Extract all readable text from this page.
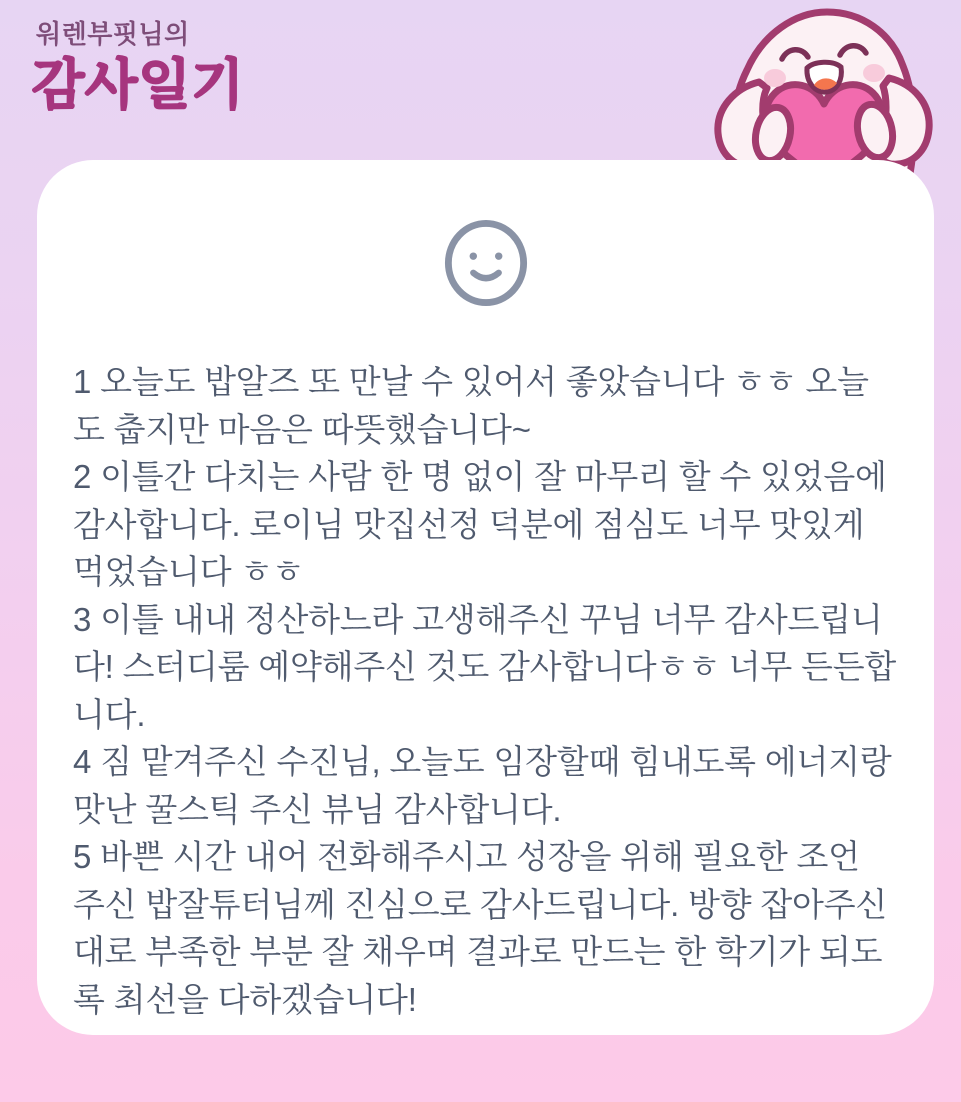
워렌부핏님의
감사일기
1 오늘도 밥알즈 또 만날 수 있어서 좋았습니다 ㅎㅎ 오늘도 춥지만 마음은 따뜻했습니다~
2 이틀간 다치는 사람 한 명 없이 잘 마무리 할 수 있었음에 감사합니다. 로이님 맛집선정 덕분에 점심도 너무 맛있게 먹었습니다 ㅎㅎ
3 이틀 내내 정산하느라 고생해주신 꾸님 너무 감사드립니다! 스터디룸 예약해주신 것도 감사합니다ㅎㅎ 너무 든든합니다.
4 짐 맡겨주신 수진님, 오늘도 임장할때 힘내도록 에너지랑 맛난 꿀스틱 주신 뷰님 감사합니다.
5 바쁜 시간 내어 전화해주시고 성장을 위해 필요한 조언 주신 밥잘튜터님께 진심으로 감사드립니다. 방향 잡아주신대로 부족한 부분 잘 채우며 결과로 만드는 한 학기가 되도록 최선을 다하겠습니다!
